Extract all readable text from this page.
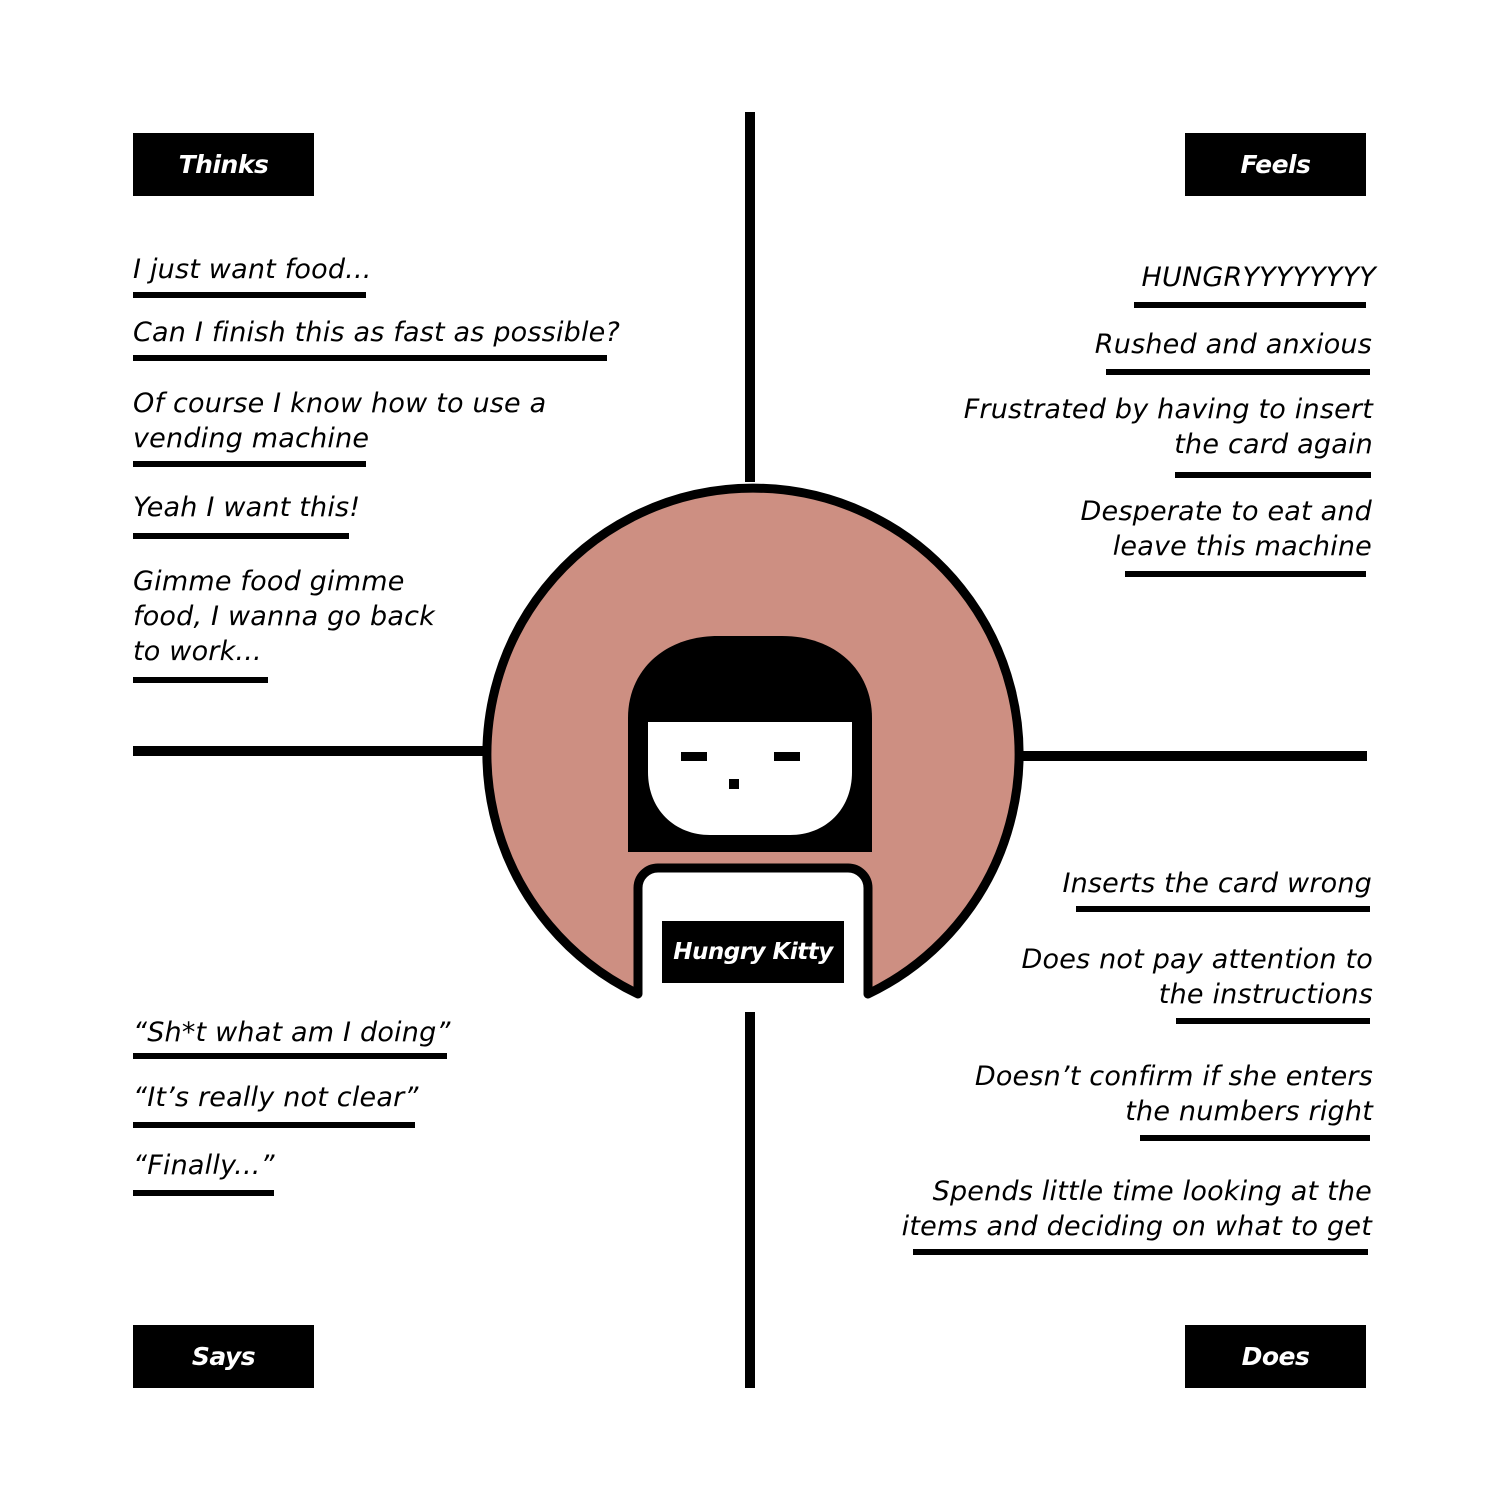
Hungry Kitty
Thinks	Feels
Says	Does
I just want food...
Can I finish this as fast as possible?
Of course I know how to use a
vending machine
Yeah I want this!
Gimme food gimme
food, I wanna go back
to work...
HUNGRYYYYYYYY
Rushed and anxious
Frustrated by having to insert
the card again
Desperate to eat and
leave this machine
“Sh*t what am I doing”
“It’s really not clear”
“Finally...”
Inserts the card wrong
Does not pay attention to
the instructions
Doesn’t confirm if she enters
the numbers right
Spends little time looking at the
items and deciding on what to get
